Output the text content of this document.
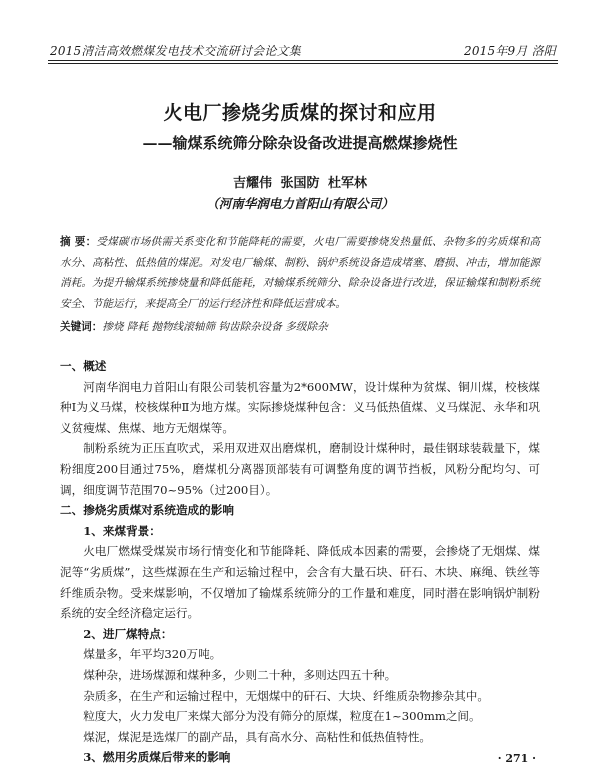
2015清洁高效燃煤发电技术交流研讨会论文集	2015年9月 洛阳
火电厂掺烧劣质煤的探讨和应用
——输煤系统筛分除杂设备改进提高燃煤掺烧性
吉耀伟 张国防 杜军林
（河南华润电力首阳山有限公司）
摘 要：受煤碳市场供需关系变化和节能降耗的需要，火电厂需要掺烧发热量低、杂物多的劣质煤和高水分、高粘性、低热值的煤泥。对发电厂输煤、制粉、锅炉系统设备造成堵塞、磨损、冲击，增加能源消耗。为提升输煤系统掺烧量和降低能耗，对输煤系统筛分、除杂设备进行改进，保证输煤和制粉系统安全、节能运行，来提高全厂的运行经济性和降低运营成本。
关键词：掺烧 降耗 抛物线滚轴筛 钩齿除杂设备 多级除杂

一、概述

河南华润电力首阳山有限公司装机容量为2*600MW，设计煤种为贫煤、铜川煤，校核煤种Ⅰ为义马煤，校核煤种Ⅱ为地方煤。实际掺烧煤种包含：义马低热值煤、义马煤泥、永华和巩义贫瘦煤、焦煤、地方无烟煤等。

制粉系统为正压直吹式，采用双进双出磨煤机，磨制设计煤种时，最佳钢球装载量下，煤粉细度200目通过75%，磨煤机分离器顶部装有可调整角度的调节挡板，风粉分配均匀、可调，细度调节范围70~95%（过200目）。

二、掺烧劣质煤对系统造成的影响

1、来煤背景：

火电厂燃煤受煤炭市场行情变化和节能降耗、降低成本因素的需要，会掺烧了无烟煤、煤泥等“劣质煤”，这些煤源在生产和运输过程中，会含有大量石块、矸石、木块、麻绳、铁丝等纤维质杂物。受来煤影响，不仅增加了输煤系统筛分的工作量和难度，同时潜在影响锅炉制粉系统的安全经济稳定运行。

2、进厂煤特点：

煤量多，年平均320万吨。

煤种杂，进场煤源和煤种多，少则二十种，多则达四五十种。

杂质多，在生产和运输过程中，无烟煤中的矸石、大块、纤维质杂物掺杂其中。

粒度大，火力发电厂来煤大部分为没有筛分的原煤，粒度在1~300mm之间。

煤泥，煤泥是选煤厂的副产品，具有高水分、高粘性和低热值特性。

3、燃用劣质煤后带来的影响	· 271 ·
